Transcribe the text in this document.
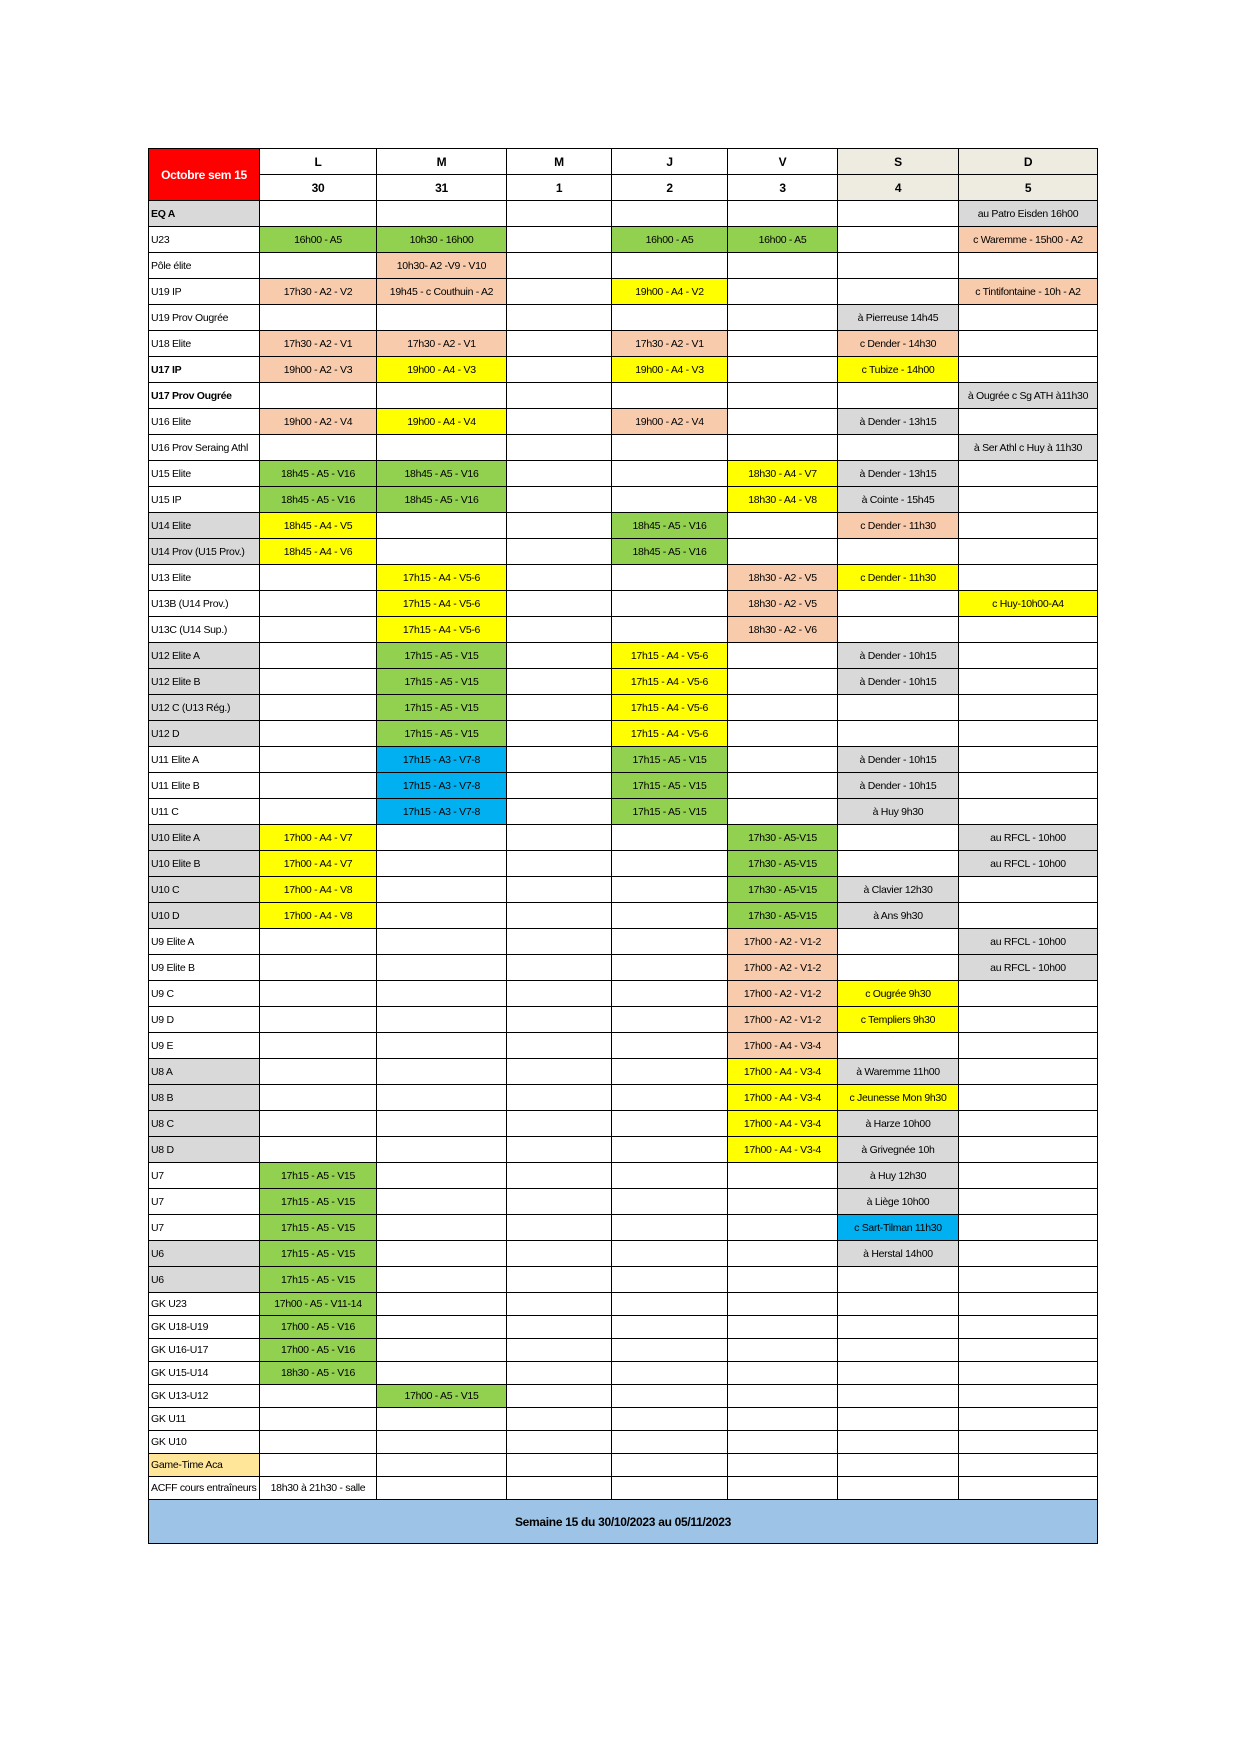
Octobre sem 15	L	M	M	J	V	S	D
	30	31	1	2	3	4	5
EQ A							au Patro Eisden 16h00
U23	16h00 - A5	10h30 - 16h00		16h00 - A5	16h00 - A5		c Waremme - 15h00 - A2
Pôle élite		10h30- A2 -V9 - V10					
U19 IP	17h30 - A2 - V2	19h45 - c Couthuin - A2		19h00 - A4 - V2			c Tintifontaine - 10h - A2
U19 Prov Ougrée						à Pierreuse 14h45	
U18 Elite	17h30 - A2 - V1	17h30 - A2 - V1		17h30 - A2 - V1		c Dender - 14h30	
U17 IP	19h00 - A2 - V3	19h00 - A4 - V3		19h00 - A4 - V3		c Tubize - 14h00	
U17 Prov Ougrée							à Ougrée c Sg ATH à11h30
U16 Elite	19h00 - A2 - V4	19h00 - A4 - V4		19h00 - A2 - V4		à Dender - 13h15	
U16 Prov Seraing Athl							à Ser Athl c Huy à 11h30
U15 Elite	18h45 - A5 - V16	18h45 - A5 - V16			18h30 - A4 - V7	à Dender - 13h15	
U15 IP	18h45 - A5 - V16	18h45 - A5 - V16			18h30 - A4 - V8	à Cointe - 15h45	
U14 Elite	18h45 - A4 - V5			18h45 - A5 - V16		c Dender - 11h30	
U14 Prov (U15 Prov.)	18h45 - A4 - V6			18h45 - A5 - V16			
U13 Elite		17h15 - A4 - V5-6			18h30 - A2 - V5	c Dender - 11h30	
U13B (U14 Prov.)		17h15 - A4 - V5-6			18h30 - A2 - V5		c Huy-10h00-A4
U13C (U14 Sup.)		17h15 - A4 - V5-6			18h30 - A2 - V6		
U12 Elite A		17h15 - A5 - V15		17h15 - A4 - V5-6		à Dender - 10h15	
U12 Elite B		17h15 - A5 - V15		17h15 - A4 - V5-6		à Dender - 10h15	
U12 C (U13 Rég.)		17h15 - A5 - V15		17h15 - A4 - V5-6			
U12 D		17h15 - A5 - V15		17h15 - A4 - V5-6			
U11 Elite A		17h15 - A3 - V7-8		17h15 - A5 - V15		à Dender - 10h15	
U11 Elite B		17h15 - A3 - V7-8		17h15 - A5 - V15		à Dender - 10h15	
U11 C		17h15 - A3 - V7-8		17h15 - A5 - V15		à Huy 9h30	
U10 Elite A	17h00 - A4 - V7				17h30 - A5-V15		au RFCL - 10h00
U10 Elite B	17h00 - A4 - V7				17h30 - A5-V15		au RFCL - 10h00
U10 C	17h00 - A4 - V8				17h30 - A5-V15	à Clavier 12h30	
U10 D	17h00 - A4 - V8				17h30 - A5-V15	à Ans 9h30	
U9 Elite A					17h00 - A2 - V1-2		au RFCL - 10h00
U9 Elite B					17h00 - A2 - V1-2		au RFCL - 10h00
U9 C					17h00 - A2 - V1-2	c Ougrée 9h30	
U9 D					17h00 - A2 - V1-2	c Templiers 9h30	
U9 E					17h00 - A4 - V3-4		
U8 A					17h00 - A4 - V3-4	à Waremme 11h00	
U8 B					17h00 - A4 - V3-4	c Jeunesse Mon 9h30	
U8 C					17h00 - A4 - V3-4	à Harze 10h00	
U8 D					17h00 - A4 - V3-4	à Grivegnée 10h	
U7	17h15 - A5 - V15					à Huy 12h30	
U7	17h15 - A5 - V15					à Liège 10h00	
U7	17h15 - A5 - V15					c Sart-Tilman 11h30	
U6	17h15 - A5 - V15					à Herstal 14h00	
U6	17h15 - A5 - V15						
GK U23	17h00 - A5 - V11-14						
GK U18-U19	17h00 - A5 - V16						
GK U16-U17	17h00 - A5 - V16						
GK U15-U14	18h30 - A5 - V16						
GK U13-U12		17h00 - A5 - V15					
GK U11							
GK U10							
Game-Time Aca							
ACFF cours entraîneurs	18h30 à 21h30 - salle						
Semaine 15 du 30/10/2023 au 05/11/2023							
